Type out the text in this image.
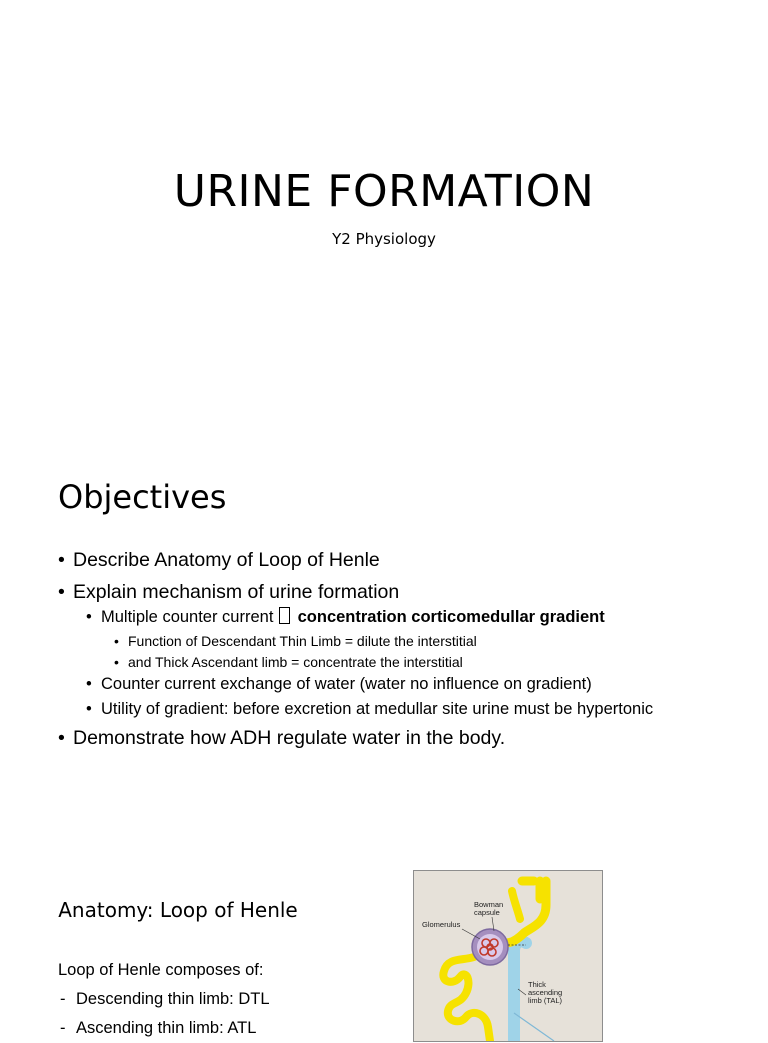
URINE FORMATION
Y2 Physiology
Objectives
• Describe Anatomy of Loop of Henle
• Explain mechanism of urine formation
• Multiple counter current concentration corticomedullar gradient
• Function of Descendant Thin Limb = dilute the interstitial
• and Thick Ascendant limb = concentrate the interstitial
• Counter current exchange of water (water no influence on gradient)
• Utility of gradient: before excretion at medullar site urine must be hypertonic
• Demonstrate how ADH regulate water in the body.
Anatomy: Loop of Henle
Loop of Henle composes of:
- Descending thin limb: DTL
- Ascending thin limb: ATL
Bowman capsule
Glomerulus
Thick ascending limb (TAL)
